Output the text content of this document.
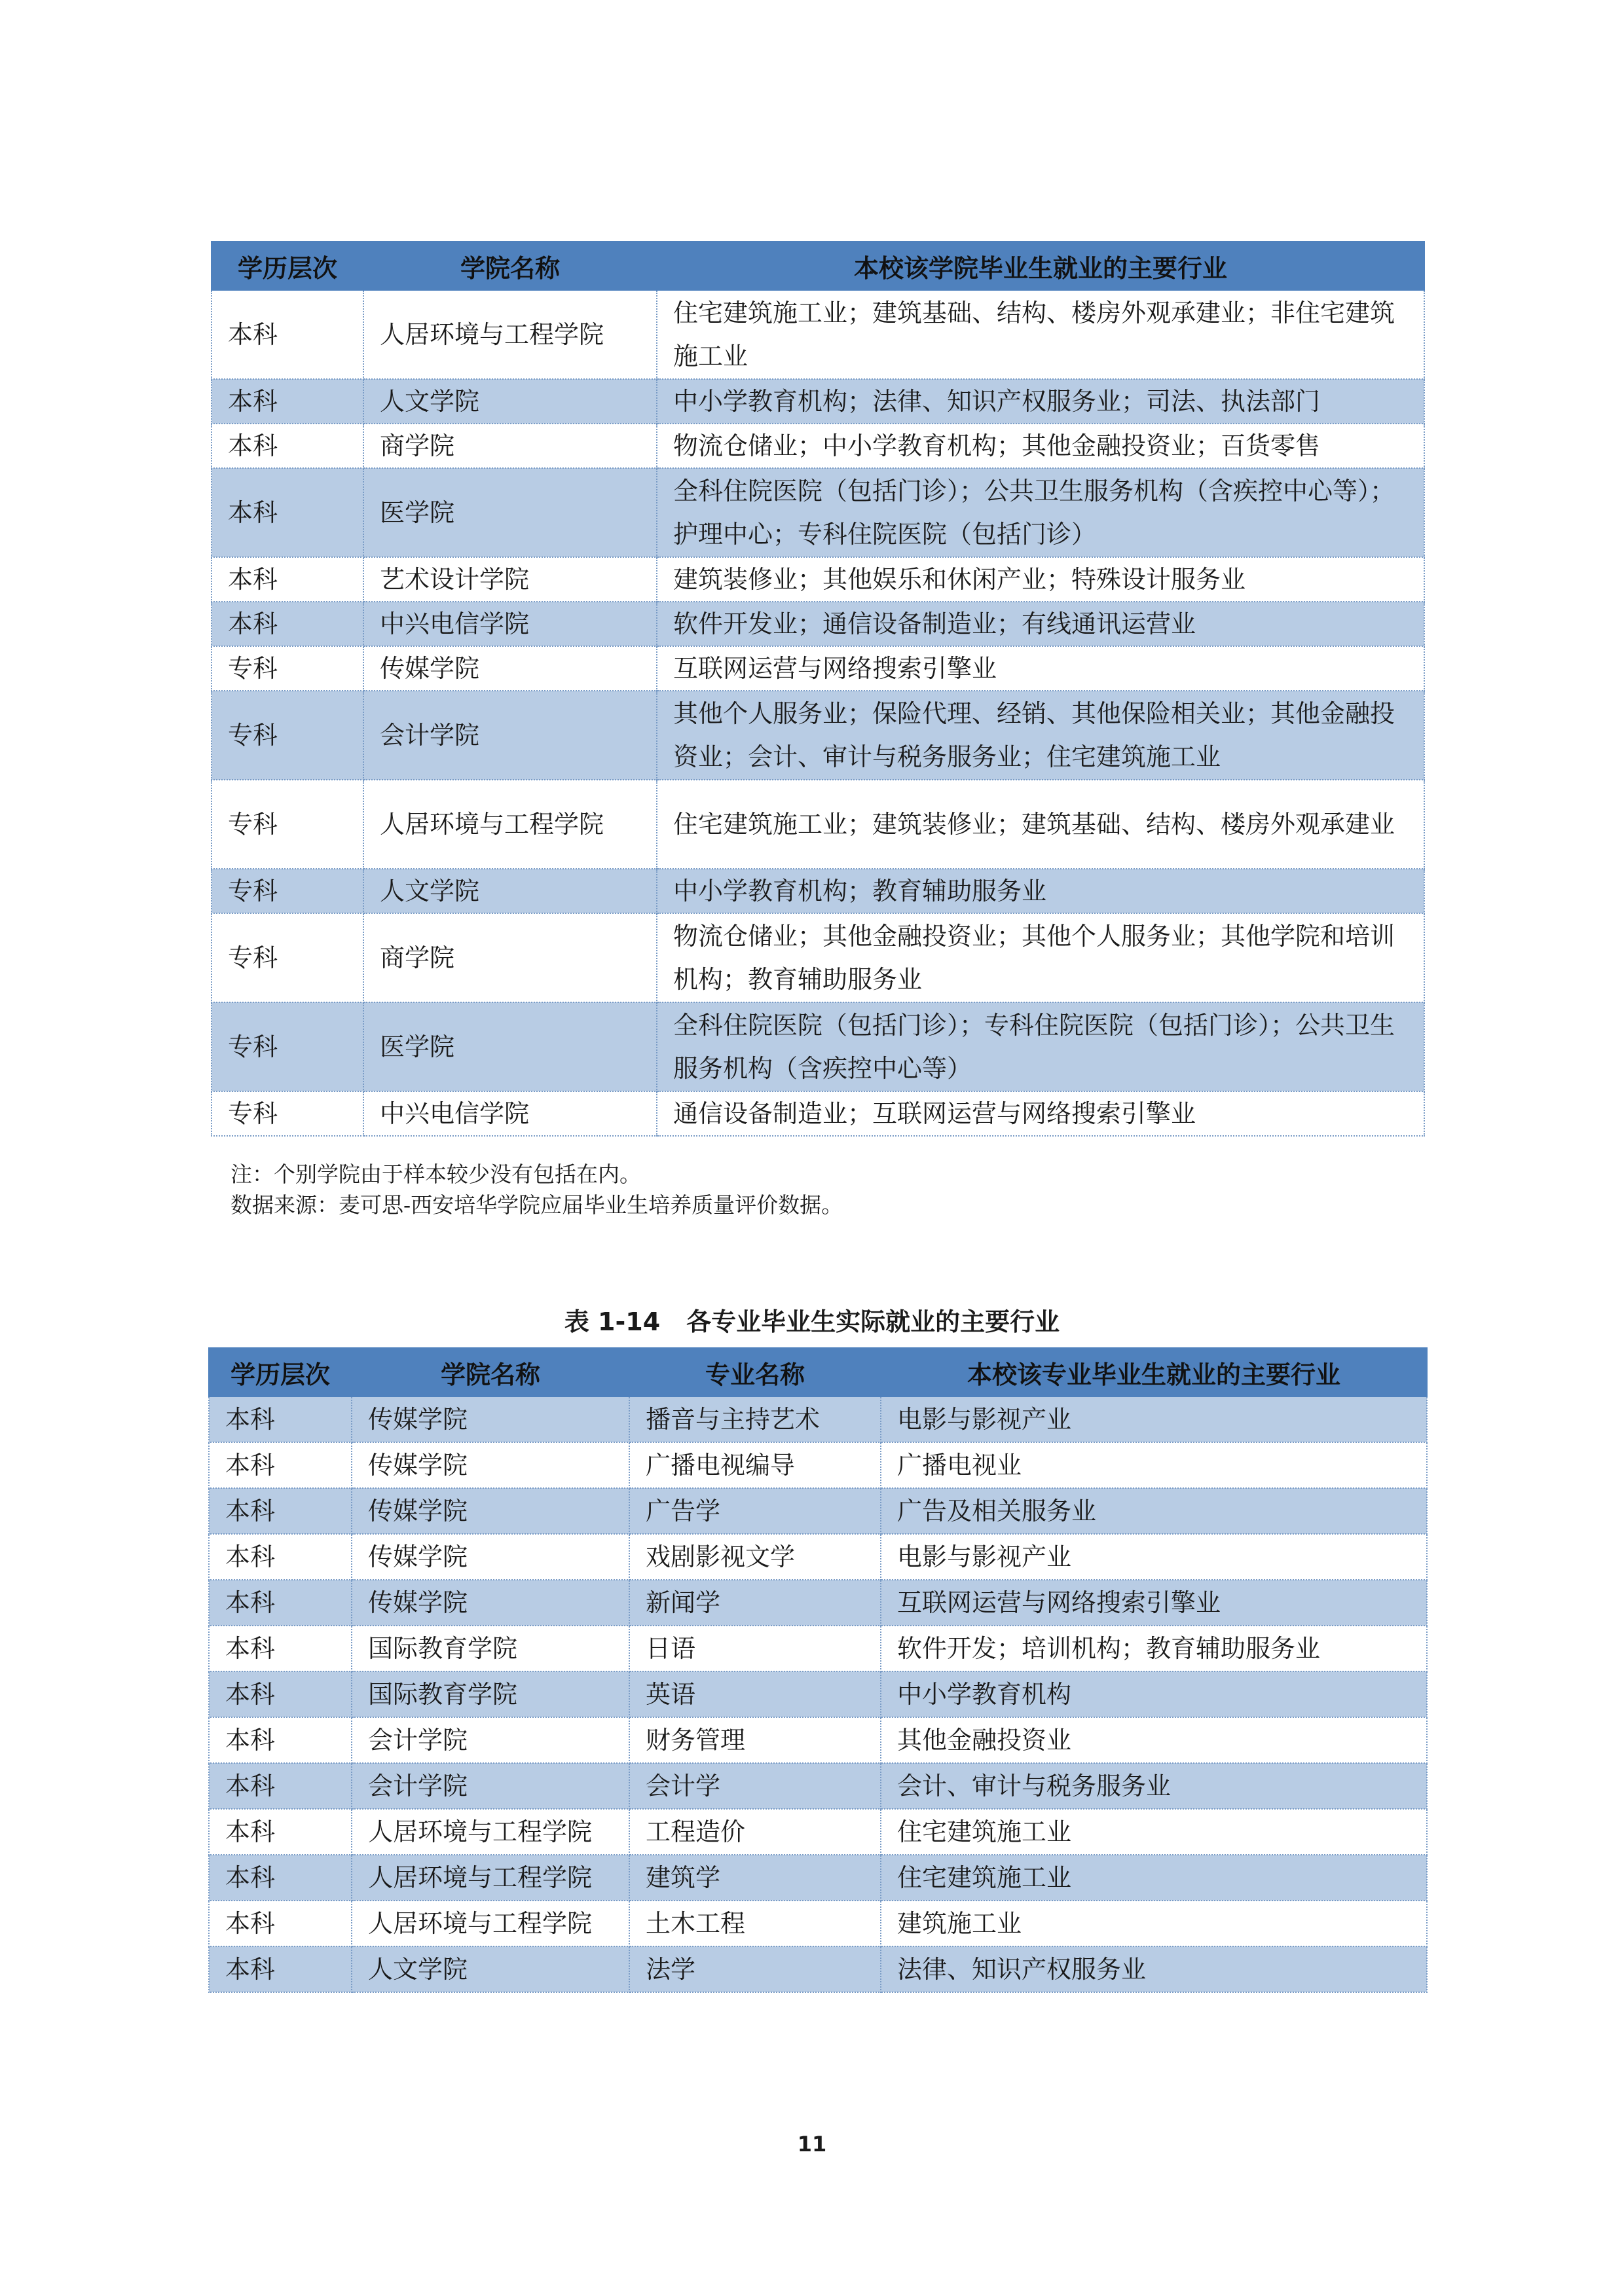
学历层次	学院名称	本校该学院毕业生就业的主要行业
本科	人居环境与工程学院	住宅建筑施工业；建筑基础、结构、楼房外观承建业；非住宅建筑施工业
本科	人文学院	中小学教育机构；法律、知识产权服务业；司法、执法部门
本科	商学院	物流仓储业；中小学教育机构；其他金融投资业；百货零售
本科	医学院	全科住院医院（包括门诊）；公共卫生服务机构（含疾控中心等）；护理中心；专科住院医院（包括门诊）
本科	艺术设计学院	建筑装修业；其他娱乐和休闲产业；特殊设计服务业
本科	中兴电信学院	软件开发业；通信设备制造业；有线通讯运营业
专科	传媒学院	互联网运营与网络搜索引擎业
专科	会计学院	其他个人服务业；保险代理、经销、其他保险相关业；其他金融投资业；会计、审计与税务服务业；住宅建筑施工业
专科	人居环境与工程学院	住宅建筑施工业；建筑装修业；建筑基础、结构、楼房外观承建业
专科	人文学院	中小学教育机构；教育辅助服务业
专科	商学院	物流仓储业；其他金融投资业；其他个人服务业；其他学院和培训机构；教育辅助服务业
专科	医学院	全科住院医院（包括门诊）；专科住院医院（包括门诊）；公共卫生服务机构（含疾控中心等）
专科	中兴电信学院	通信设备制造业；互联网运营与网络搜索引擎业
注：个别学院由于样本较少没有包括在内。
数据来源：麦可思-西安培华学院应届毕业生培养质量评价数据。
表 1-14 各专业毕业生实际就业的主要行业
学历层次	学院名称	专业名称	本校该专业毕业生就业的主要行业
本科	传媒学院	播音与主持艺术	电影与影视产业
本科	传媒学院	广播电视编导	广播电视业
本科	传媒学院	广告学	广告及相关服务业
本科	传媒学院	戏剧影视文学	电影与影视产业
本科	传媒学院	新闻学	互联网运营与网络搜索引擎业
本科	国际教育学院	日语	软件开发；培训机构；教育辅助服务业
本科	国际教育学院	英语	中小学教育机构
本科	会计学院	财务管理	其他金融投资业
本科	会计学院	会计学	会计、审计与税务服务业
本科	人居环境与工程学院	工程造价	住宅建筑施工业
本科	人居环境与工程学院	建筑学	住宅建筑施工业
本科	人居环境与工程学院	土木工程	建筑施工业
本科	人文学院	法学	法律、知识产权服务业
11
